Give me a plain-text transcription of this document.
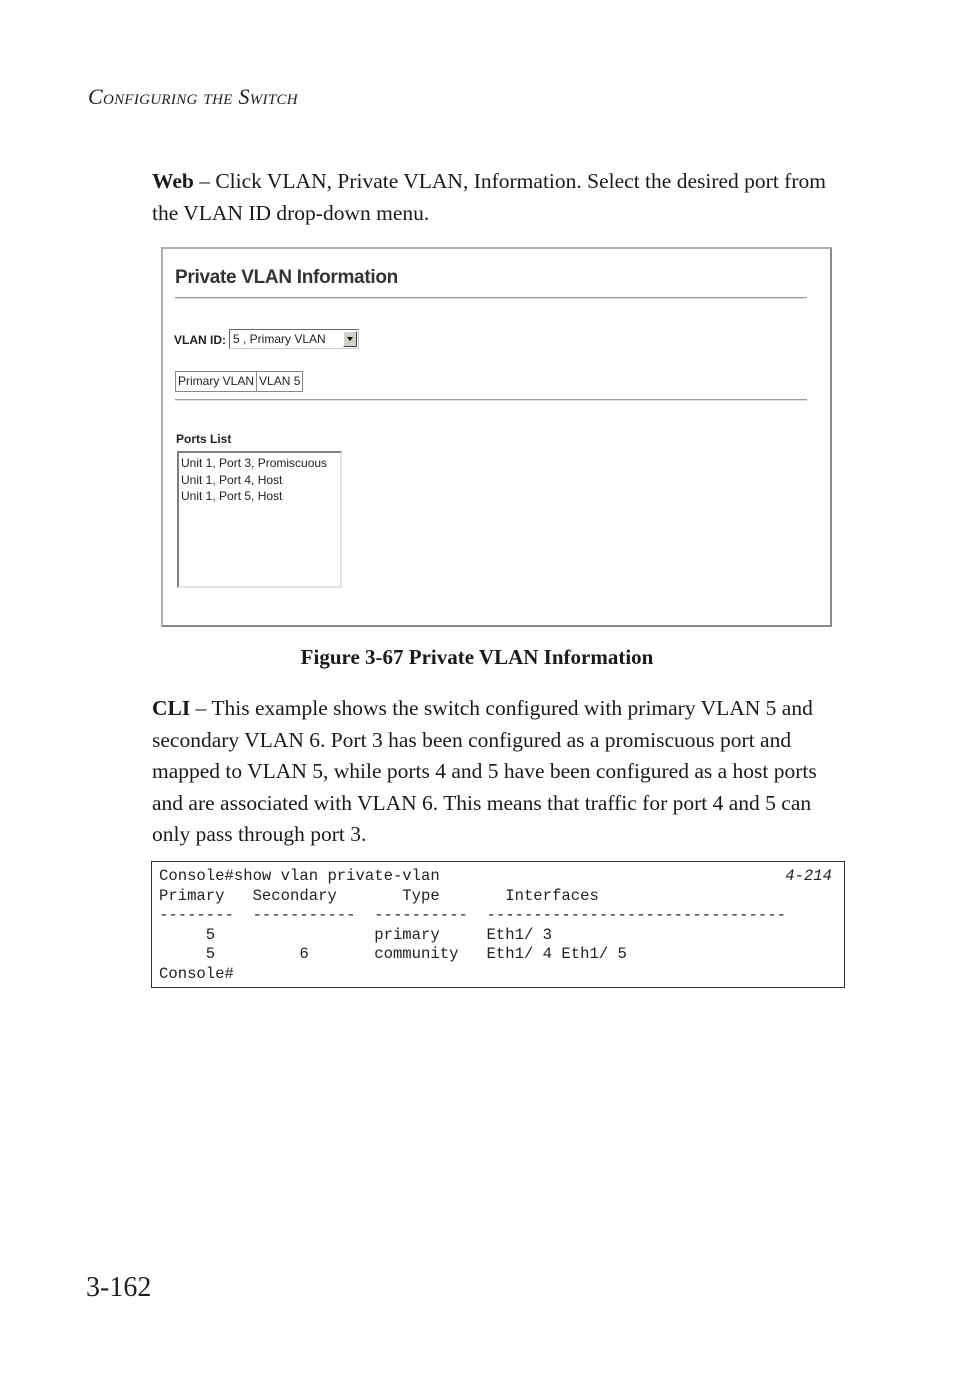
Configuring the Switch

Web – Click VLAN, Private VLAN, Information. Select the desired port from the VLAN ID drop-down menu.

Private VLAN Information
VLAN ID: 5 , Primary VLAN
Primary VLAN VLAN 5
Ports List
Unit 1, Port 3, Promiscuous
Unit 1, Port 4, Host
Unit 1, Port 5, Host
Figure 3-67 Private VLAN Information

CLI – This example shows the switch configured with primary VLAN 5 and secondary VLAN 6. Port 3 has been configured as a promiscuous port and mapped to VLAN 5, while ports 4 and 5 have been configured as a host ports and are associated with VLAN 6. This means that traffic for port 4 and 5 can only pass through port 3.

4-214
Console#show vlan private-vlan
Primary   Secondary       Type       Interfaces
--------  -----------  ----------  --------------------------------
5                 primary     Eth1/ 3
5         6       community   Eth1/ 4 Eth1/ 5
Console#
3-162
